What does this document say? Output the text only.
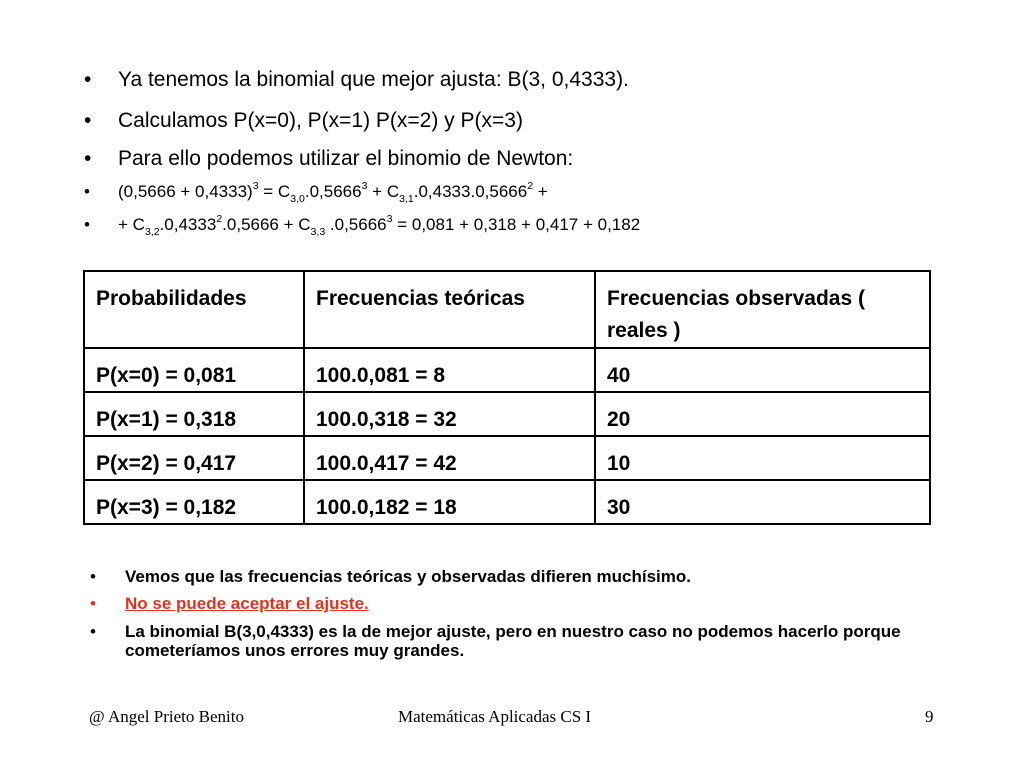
•	Ya tenemos la binomial que mejor ajusta: B(3, 0,4333).
•	Calculamos P(x=0), P(x=1) P(x=2) y P(x=3)
•	Para ello podemos utilizar el binomio de Newton:
•	$(0,5666 + 0,4333)^3 = C_{3,0}.0,5666^3 + C_{3,1}.0,4333.0,5666^2$ +
•	+ $C_{3,2}.0,4333^2.0,5666 + C_{3,3}$ $.0,5666^3 = 0,081 + 0,318 + 0,417 + 0,182$
Probabilidades	Frecuencias teóricas	Frecuencias observadas ( reales )
P(x=0) = 0,081	100.0,081 = 8	40
P(x=1) = 0,318	100.0,318 = 32	20
P(x=2) = 0,417	100.0,417 = 42	10
P(x=3) = 0,182	100.0,182 = 18	30
•	Vemos que las frecuencias teóricas y observadas difieren muchísimo.
•	No se puede aceptar el ajuste.
•	La binomial B(3,0,4333) es la de mejor ajuste, pero en nuestro caso no podemos hacerlo porque cometeríamos unos errores muy grandes.
@ Angel Prieto Benito	Matemáticas Aplicadas CS I	9
